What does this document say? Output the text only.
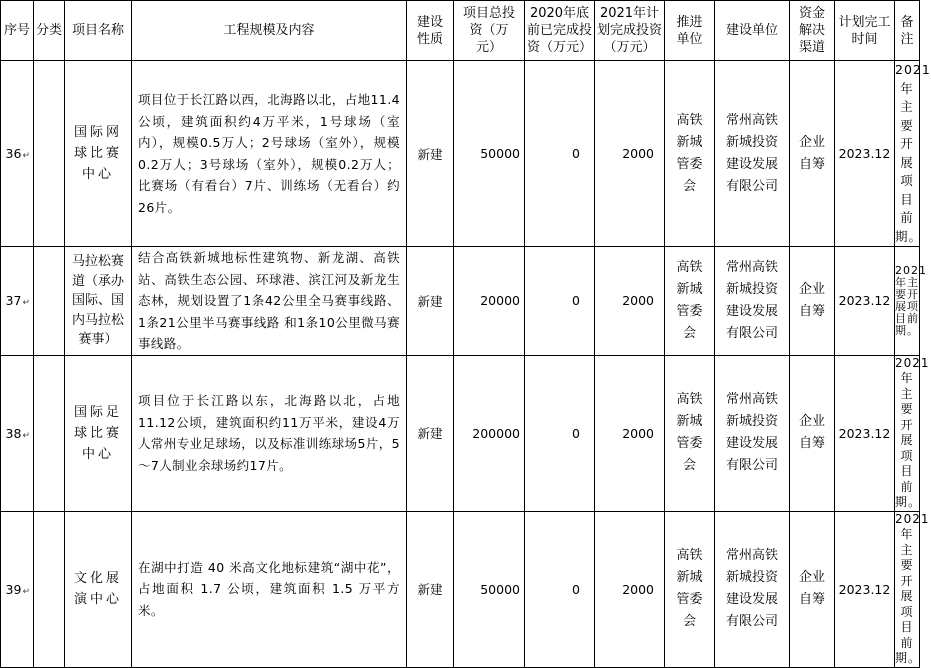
序号	分类	项目名称	工程规模及内容	建设性质	项目总投资（万元）	2020年底前已完成投资（万元）	2021年计划完成投资（万元）	推进单位	建设单位	资金解决渠道	计划完工时间	备注
36↵		国际网球比赛中心	项目位于长江路以西，北海路以北，占地11.4公顷，建筑面积约4万平米，1号球场（室内），规模0.5万人；2号球场（室外），规模0.2万人；3号球场（室外），规模0.2万人；比赛场（有看台）7片、训练场（无看台）约26片。	新建	50000	0	2000	高铁新城管委会	常州高铁新城投资建设发展有限公司	企业自筹	2023.12	2021年主要开展项目前期。
37↵		马拉松赛道（承办国际、国内马拉松赛事）	结合高铁新城地标性建筑物、新龙湖、高铁站、高铁生态公园、环球港、滨江河及新龙生态林，规划设置了1条42公里全马赛事线路、1条21公里半马赛事线路 和1条10公里微马赛事线路。	新建	20000	0	2000	高铁新城管委会	常州高铁新城投资建设发展有限公司	企业自筹	2023.12	2021年主要开展项目前期。
38↵		国际足球比赛中心	项目位于长江路以东，北海路以北，占地11.12公顷，建筑面积约11万平米，建设4万人常州专业足球场，以及标准训练球场5片，5～7人制业余球场约17片。	新建	200000	0	2000	高铁新城管委会	常州高铁新城投资建设发展有限公司	企业自筹	2023.12	2021年主要开展项目前期。
39↵		文化展演中心	在湖中打造 40 米高文化地标建筑“湖中花”，占地面积 1.7 公顷，建筑面积 1.5 万平方米。	新建	50000	0	2000	高铁新城管委会	常州高铁新城投资建设发展有限公司	企业自筹	2023.12	2021年主要开展项目前期。
